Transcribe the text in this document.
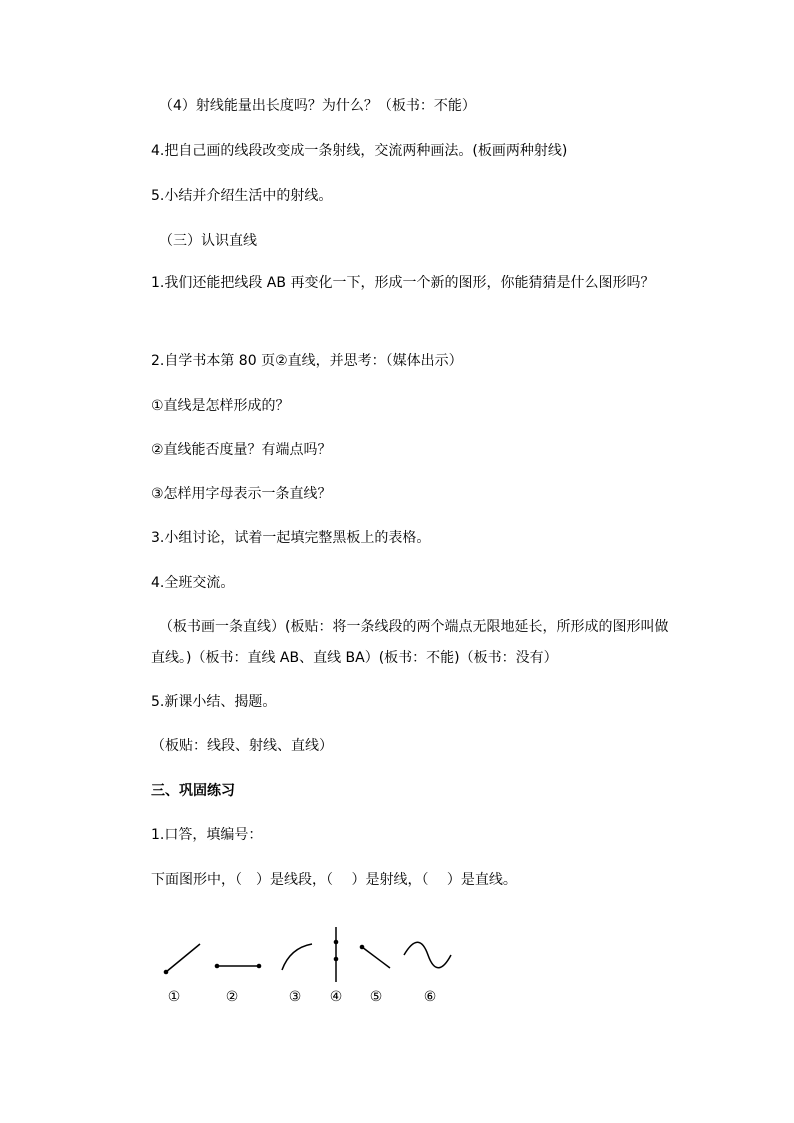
（4）射线能量出长度吗？为什么？（板书：不能）
4.把自己画的线段改变成一条射线，交流两种画法。(板画两种射线)
5.小结并介绍生活中的射线。
（三）认识直线
1.我们还能把线段 AB 再变化一下，形成一个新的图形，你能猜猜是什么图形吗？
2.自学书本第 80 页②直线，并思考：（媒体出示）
①直线是怎样形成的？
②直线能否度量？有端点吗？
③怎样用字母表示一条直线？
3.小组讨论，试着一起填完整黑板上的表格。
4.全班交流。
（板书画一条直线）(板贴：将一条线段的两个端点无限地延长，所形成的图形叫做直线。)（板书：直线 AB、直线 BA）(板书：不能)（板书：没有）
5.新课小结、揭题。
（板贴：线段、射线、直线）
三、巩固练习
1.口答，填编号：
下面图形中，（　）是线段，（　 ）是射线，（　 ）是直线。
①	②	③ ④ ⑤	⑥
